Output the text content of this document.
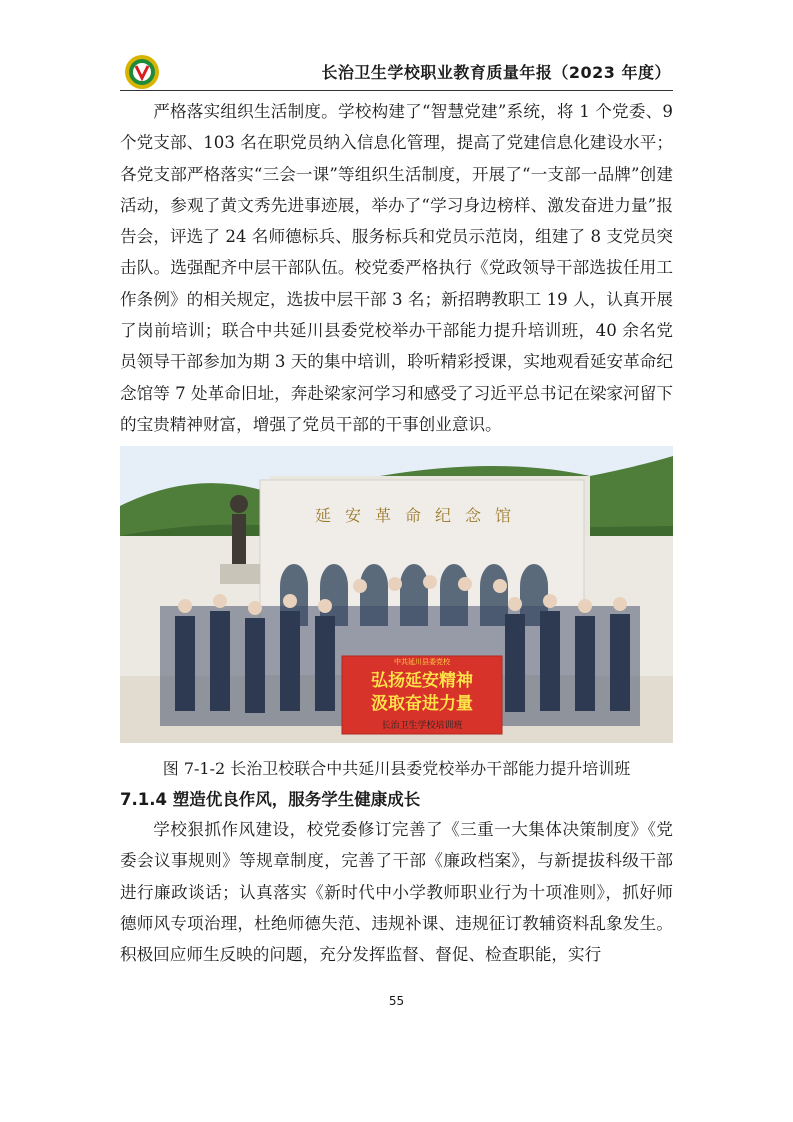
长治卫生学校职业教育质量年报（2023 年度）

严格落实组织生活制度。学校构建了“智慧党建”系统，将 1 个党委、9 个党支部、103 名在职党员纳入信息化管理，提高了党建信息化建设水平；各党支部严格落实“三会一课”等组织生活制度，开展了“一支部一品牌”创建活动，参观了黄文秀先进事迹展，举办了“学习身边榜样、激发奋进力量”报告会，评选了 24 名师德标兵、服务标兵和党员示范岗，组建了 8 支党员突击队。选强配齐中层干部队伍。校党委严格执行《党政领导干部选拔任用工作条例》的相关规定，选拔中层干部 3 名；新招聘教职工 19 人，认真开展了岗前培训；联合中共延川县委党校举办干部能力提升培训班，40 余名党员领导干部参加为期 3 天的集中培训，聆听精彩授课，实地观看延安革命纪念馆等 7 处革命旧址，奔赴梁家河学习和感受了习近平总书记在梁家河留下的宝贵精神财富，增强了党员干部的干事创业意识。

延安革命纪念馆
中共延川县委党校
弘扬延安精神
汲取奋进力量
长治卫生学校培训班
图 7-1-2 长治卫校联合中共延川县委党校举办干部能力提升培训班
7.1.4 塑造优良作风，服务学生健康成长

学校狠抓作风建设，校党委修订完善了《三重一大集体决策制度》《党委会议事规则》等规章制度，完善了干部《廉政档案》，与新提拔科级干部进行廉政谈话；认真落实《新时代中小学教师职业行为十项准则》，抓好师德师风专项治理，杜绝师德失范、违规补课、违规征订教辅资料乱象发生。积极回应师生反映的问题，充分发挥监督、督促、检查职能，实行

55
